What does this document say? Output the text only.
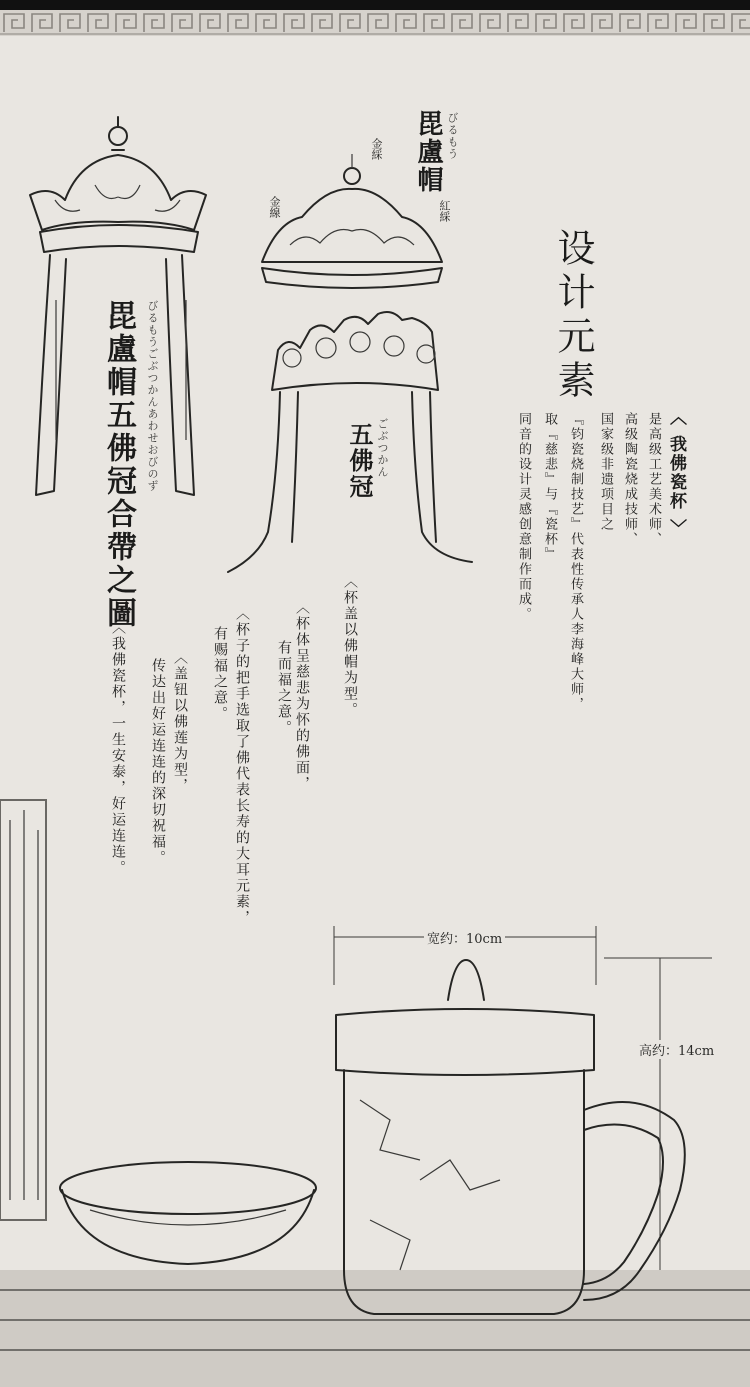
毘盧帽五佛冠合帶之圖 びるもうごぶつかんあわせおびのず
毘盧帽 びるもう
金綵
金線	紅綵
五佛冠 ごぶつかん
设计元素
〈 我佛瓷杯 〉
是高级工艺美术师、
高级陶瓷烧成技师、
国家级非遗项目之
『钧瓷烧制技艺』代表性传承人李海峰大师，
取『慈悲』与『瓷杯』
同音的设计灵感创意制作而成。
〈杯盖以佛帽为型。
〈杯体呈慈悲为怀的佛面，
有而福之意。
〈杯子的把手选取了佛代表长寿的大耳元素，
有赐福之意。
〈盖钮以佛莲为型，
传达出好运连连的深切祝福。
〈我佛瓷杯，一生安泰，好运连连。
宽约：10cm
高约：14cm
